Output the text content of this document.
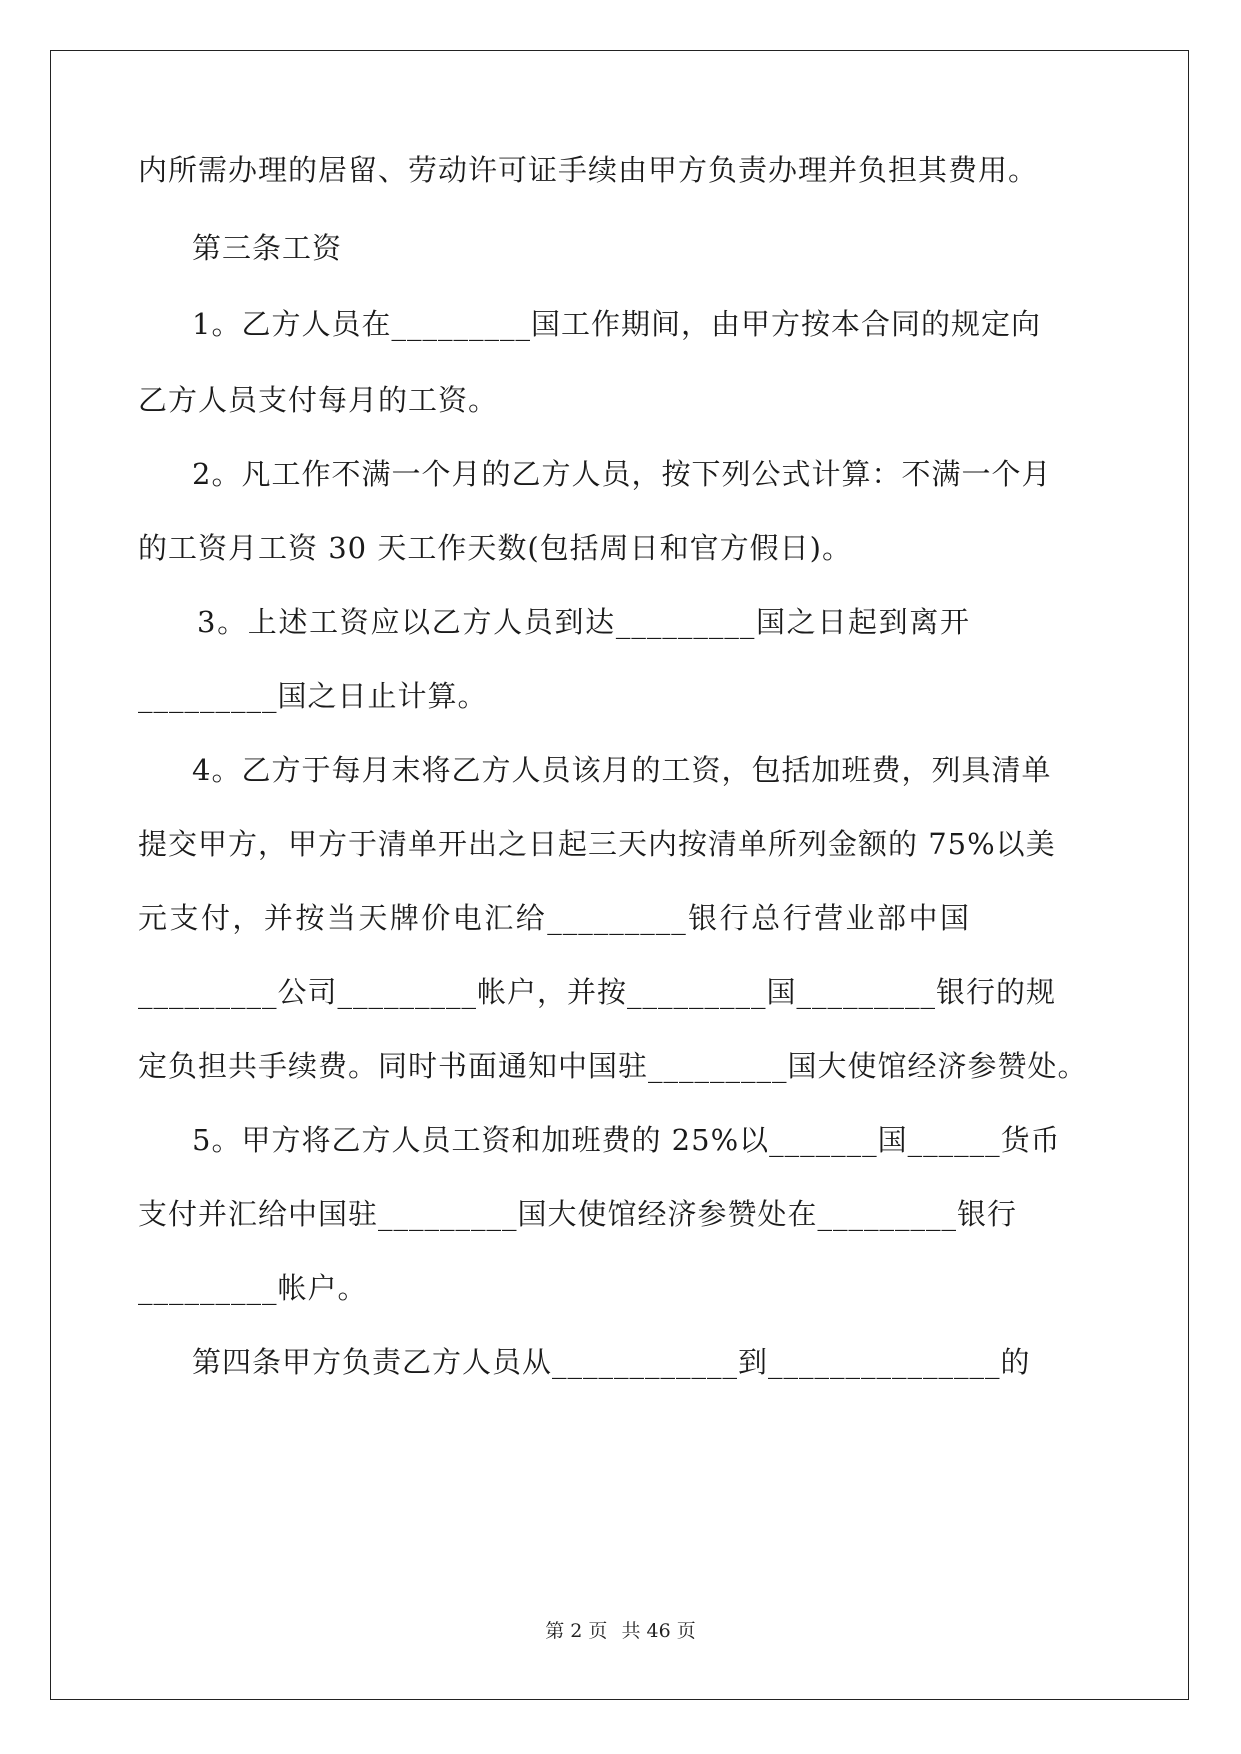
内所需办理的居留、劳动许可证手续由甲方负责办理并负担其费用。
第三条工资
1。乙方人员在_________国工作期间，由甲方按本合同的规定向
乙方人员支付每月的工资。
2。凡工作不满一个月的乙方人员，按下列公式计算：不满一个月
的工资月工资 30 天工作天数(包括周日和官方假日)。
3。上述工资应以乙方人员到达_________国之日起到离开
_________国之日止计算。
4。乙方于每月末将乙方人员该月的工资，包括加班费，列具清单
提交甲方，甲方于清单开出之日起三天内按清单所列金额的 75%以美
元支付，并按当天牌价电汇给_________银行总行营业部中国
_________公司_________帐户，并按_________国_________银行的规
定负担共手续费。同时书面通知中国驻_________国大使馆经济参赞处。
5。甲方将乙方人员工资和加班费的 25%以_______国______货币
支付并汇给中国驻_________国大使馆经济参赞处在_________银行
_________帐户。
第四条甲方负责乙方人员从____________到_______________的
第 2 页 共 46 页
